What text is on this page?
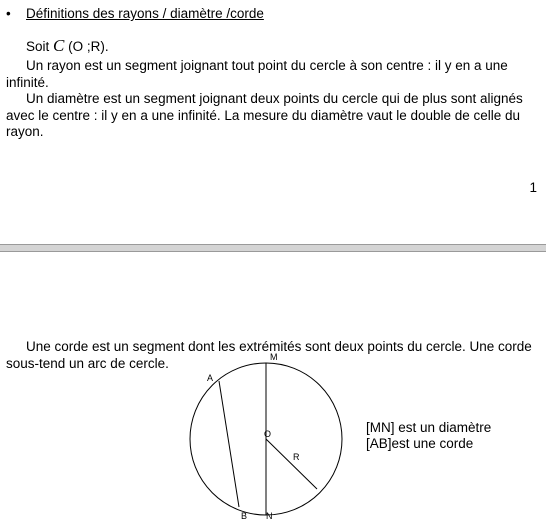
• Définitions des rayons / diamètre /corde
Soit C (O ;R).
Un rayon est un segment joignant tout point du cercle à son centre : il y en a une infinité.
Un diamètre est un segment joignant deux points du cercle qui de plus sont alignés avec le centre : il y en a une infinité. La mesure du diamètre vaut le double de celle du rayon.
1
Une corde est un segment dont les extrémités sont deux points du cercle. Une corde sous-tend un arc de cercle.	M
N
A
B
O
R
[MN] est un diamètre
[AB]est une corde
